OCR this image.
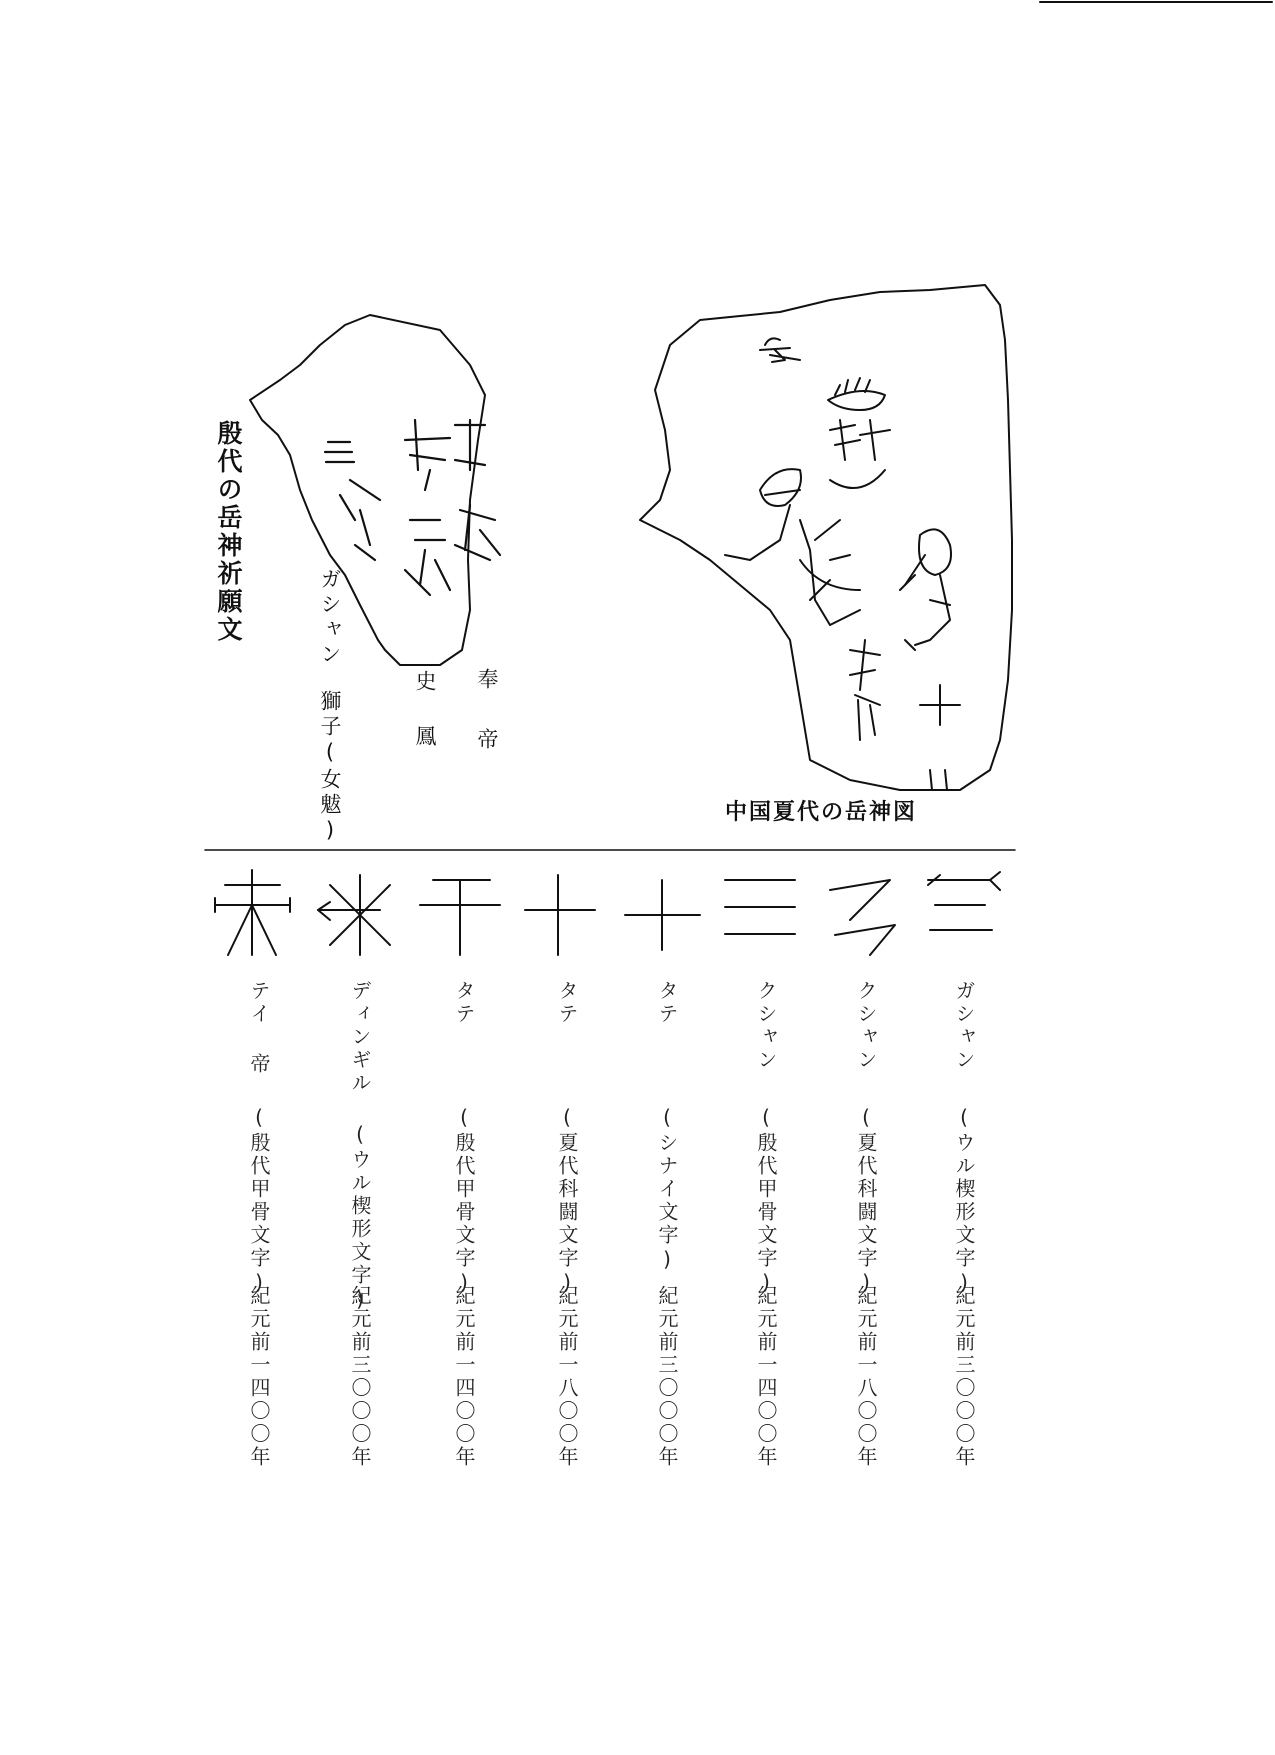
殷代の岳神祈願文	ガシャン
獅子(女魃)
史
鳳
奉
帝
中国夏代の岳神図
ガシャン
(ウル楔形文字)
紀元前三〇〇〇年
クシャン
(夏代科闘文字)
紀元前一八〇〇年
クシャン
(殷代甲骨文字)
紀元前一四〇〇年
タテ
(シナイ文字)
紀元前三〇〇〇年
タテ
(夏代科闘文字)
紀元前一八〇〇年
タテ
(殷代甲骨文字)
紀元前一四〇〇年
ディンギル
(ウル楔形文字)
紀元前三〇〇〇年
テイ 帝
(殷代甲骨文字)
紀元前一四〇〇年
